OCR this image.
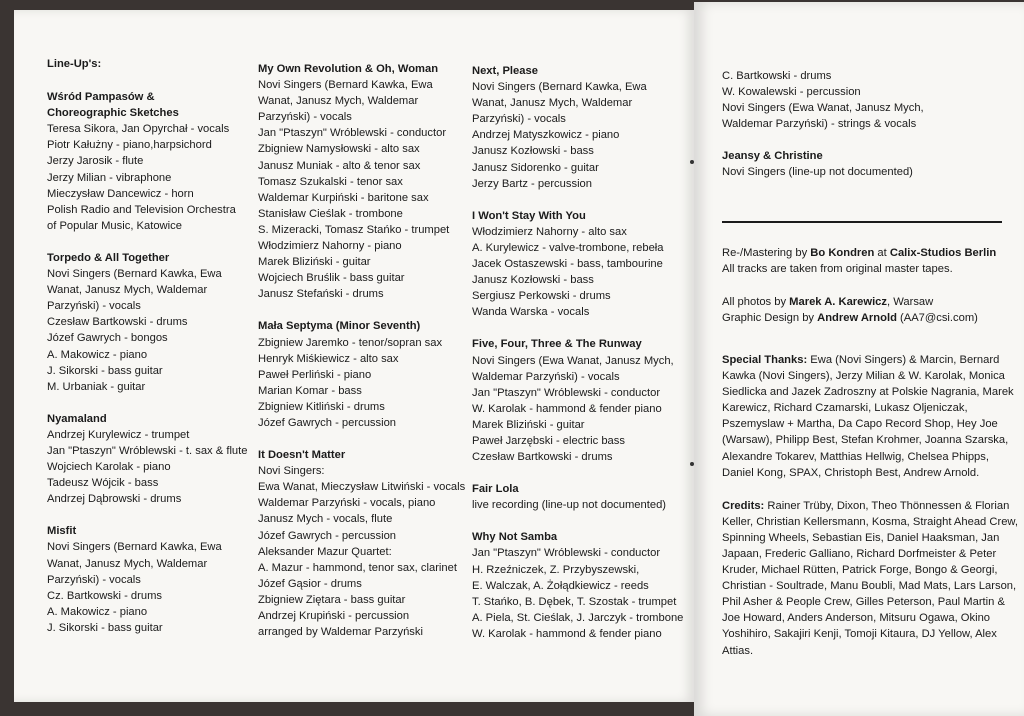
Line-Up's:
Wśród Pampasów & Choreographic Sketches
Teresa Sikora, Jan Opyrchał - vocals
Piotr Kałużny - piano,harpsichord
Jerzy Jarosik - flute
Jerzy Milian - vibraphone
Mieczysław Dancewicz - horn
Polish Radio and Television Orchestra
of Popular Music, Katowice
Torpedo & All Together
Novi Singers (Bernard Kawka, Ewa
Wanat, Janusz Mych, Waldemar
Parzyński) - vocals
Czesław Bartkowski - drums
Józef Gawrych - bongos
A. Makowicz - piano
J. Sikorski - bass guitar
M. Urbaniak - guitar
Nyamaland
Andrzej Kurylewicz - trumpet
Jan "Ptaszyn" Wróblewski - t. sax & flute
Wojciech Karolak - piano
Tadeusz Wójcik - bass
Andrzej Dąbrowski - drums
Misfit
Novi Singers (Bernard Kawka, Ewa
Wanat, Janusz Mych, Waldemar
Parzyński) - vocals
Cz. Bartkowski - drums
A. Makowicz - piano
J. Sikorski - bass guitar
My Own Revolution & Oh, Woman
Novi Singers (Bernard Kawka, Ewa
Wanat, Janusz Mych, Waldemar
Parzyński) - vocals
Jan "Ptaszyn" Wróblewski - conductor
Zbigniew Namysłowski - alto sax
Janusz Muniak - alto & tenor sax
Tomasz Szukalski - tenor sax
Waldemar Kurpiński - baritone sax
Stanisław Cieślak - trombone
S. Mizeracki, Tomasz Stańko - trumpet
Włodzimierz Nahorny - piano
Marek Bliziński - guitar
Wojciech Bruślik - bass guitar
Janusz Stefański - drums
Mała Septyma (Minor Seventh)
Zbigniew Jaremko - tenor/sopran sax
Henryk Miśkiewicz - alto sax
Paweł Perliński - piano
Marian Komar - bass
Zbigniew Kitliński - drums
Józef Gawrych - percussion
It Doesn't Matter
Novi Singers:
Ewa Wanat, Mieczysław Litwiński - vocals
Waldemar Parzyński - vocals, piano
Janusz Mych - vocals, flute
Józef Gawrych - percussion
Aleksander Mazur Quartet:
A. Mazur - hammond, tenor sax, clarinet
Józef Gąsior - drums
Zbigniew Ziętara - bass guitar
Andrzej Krupiński - percussion
arranged by Waldemar Parzyński
Next, Please
Novi Singers (Bernard Kawka, Ewa
Wanat, Janusz Mych, Waldemar
Parzyński) - vocals
Andrzej Matyszkowicz - piano
Janusz Kozłowski - bass
Janusz Sidorenko - guitar
Jerzy Bartz - percussion
I Won't Stay With You
Włodzimierz Nahorny - alto sax
A. Kurylewicz - valve-trombone, rebeła
Jacek Ostaszewski - bass, tambourine
Janusz Kozłowski - bass
Sergiusz Perkowski - drums
Wanda Warska - vocals
Five, Four, Three & The Runway
Novi Singers (Ewa Wanat, Janusz Mych,
Waldemar Parzyński) - vocals
Jan "Ptaszyn" Wróblewski - conductor
W. Karolak - hammond & fender piano
Marek Bliziński - guitar
Paweł Jarzębski - electric bass
Czesław Bartkowski - drums
Fair Lola
live recording (line-up not documented)
Why Not Samba
Jan "Ptaszyn" Wróblewski - conductor
H. Rzeźniczek, Z. Przybyszewski,
E. Walczak, A. Żołądkiewicz - reeds
T. Stańko, B. Dębek, T. Szostak - trumpet
A. Piela, St. Cieślak, J. Jarczyk - trombone
W. Karolak - hammond & fender piano
C. Bartkowski - drums
W. Kowalewski - percussion
Novi Singers (Ewa Wanat, Janusz Mych,
Waldemar Parzyński) - strings & vocals
Jeansy & Christine
Novi Singers (line-up not documented)
Re-/Mastering by Bo Kondren at Calix-Studios Berlin
All tracks are taken from original master tapes.
All photos by Marek A. Karewicz, Warsaw
Graphic Design by Andrew Arnold (AA7@csi.com)
Special Thanks: Ewa (Novi Singers) & Marcin, Bernard Kawka (Novi Singers), Jerzy Milian & W. Karolak, Monica Siedlicka and Jazek Zadroszny at Polskie Nagrania, Marek Karewicz, Richard Czamarski, Lukasz Oljeniczak, Pszemyslaw + Martha, Da Capo Record Shop, Hey Joe (Warsaw), Philipp Best, Stefan Krohmer, Joanna Szarska, Alexandre Tokarev, Matthias Hellwig, Chelsea Phipps, Daniel Kong, SPAX, Christoph Best, Andrew Arnold.
Credits: Rainer Trüby, Dixon, Theo Thönnessen & Florian Keller, Christian Kellersmann, Kosma, Straight Ahead Crew, Spinning Wheels, Sebastian Eis, Daniel Haaksman, Jan Japaan, Frederic Galliano, Richard Dorfmeister & Peter Kruder, Michael Rütten, Patrick Forge, Bongo & Georgi, Christian - Soultrade, Manu Boubli, Mad Mats, Lars Larson, Phil Asher & People Crew, Gilles Peterson, Paul Martin & Joe Howard, Anders Anderson, Mitsuru Ogawa, Okino Yoshihiro, Sakajiri Kenji, Tomoji Kitaura, DJ Yellow, Alex Attias.
